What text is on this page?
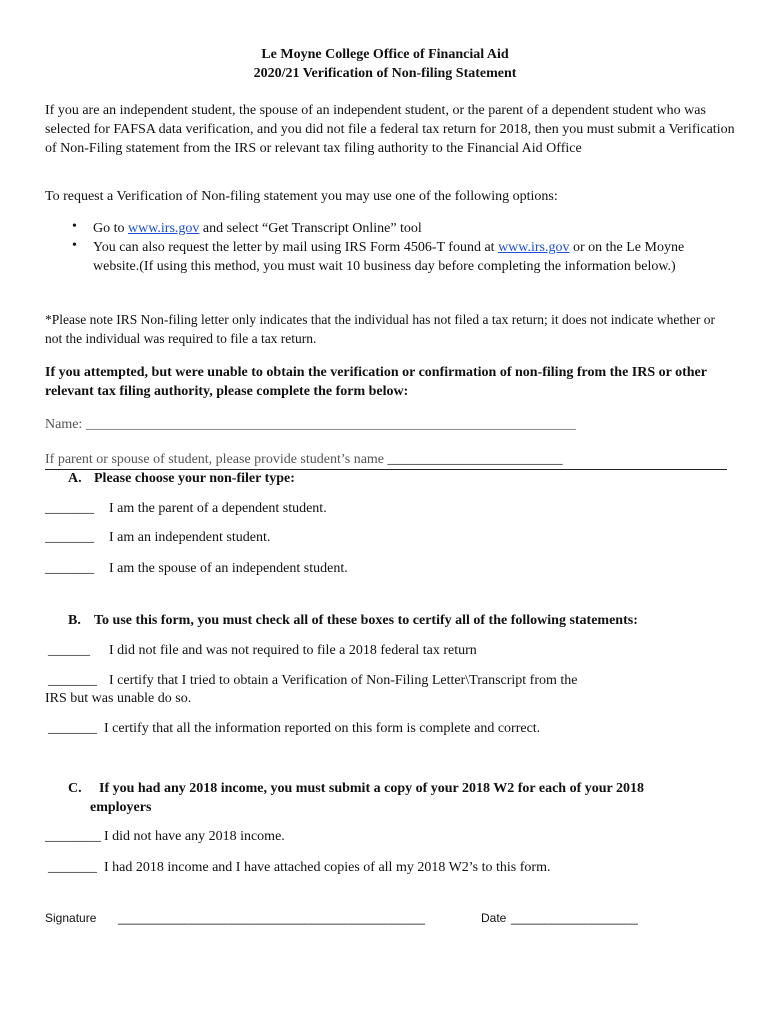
Le Moyne College Office of Financial Aid
2020/21 Verification of Non-filing Statement
If you are an independent student, the spouse of an independent student, or the parent of a dependent student who was selected for FAFSA data verification, and you did not file a federal tax return for 2018, then you must submit a Verification of Non-Filing statement from the IRS or relevant tax filing authority to the Financial Aid Office
To request a Verification of Non-filing statement you may use one of the following options:
• Go to www.irs.gov and select “Get Transcript Online” tool
• You can also request the letter by mail using IRS Form 4506-T found at www.irs.gov or on the Le Moyne website.(If using this method, you must wait 10 business day before completing the information below.)
*Please note IRS Non-filing letter only indicates that the individual has not filed a tax return; it does not indicate whether or not the individual was required to file a tax return.
If you attempted, but were unable to obtain the verification or confirmation of non-filing from the IRS or other relevant tax filing authority, please complete the form below:
Name: ______________________________________________________________________
If parent or spouse of student, please provide student’s name _________________________
A. Please choose your non-filer type:
_______ I am the parent of a dependent student.
_______ I am an independent student.
_______ I am the spouse of an independent student.
B. To use this form, you must check all of these boxes to certify all of the following statements:
______ I did not file and was not required to file a 2018 federal tax return
_______ I certify that I tried to obtain a Verification of Non-Filing Letter\Transcript from the
IRS but was unable do so.
_______ I certify that all the information reported on this form is complete and correct.
C. If you had any 2018 income, you must submit a copy of your 2018 W2 for each of your 2018
employers
________ I did not have any 2018 income.
_______ I had 2018 income and I have attached copies of all my 2018 W2’s to this form.
Signature ______________________________________________	Date ___________________
